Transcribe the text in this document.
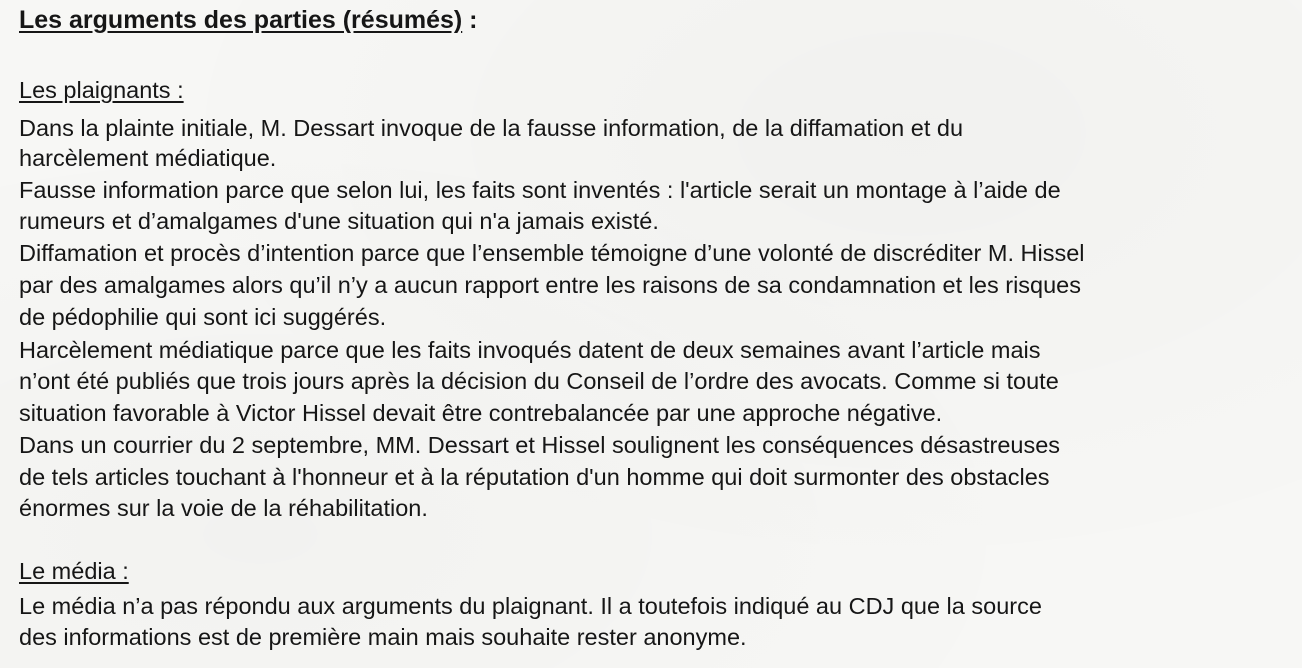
Les arguments des parties (résumés) :
Les plaignants :
Dans la plainte initiale, M. Dessart invoque de la fausse information, de la diffamation et du
harcèlement médiatique.
Fausse information parce que selon lui, les faits sont inventés : l'article serait un montage à l’aide de
rumeurs et d’amalgames d'une situation qui n'a jamais existé.
Diffamation et procès d’intention parce que l’ensemble témoigne d’une volonté de discréditer M. Hissel
par des amalgames alors qu’il n’y a aucun rapport entre les raisons de sa condamnation et les risques
de pédophilie qui sont ici suggérés.
Harcèlement médiatique parce que les faits invoqués datent de deux semaines avant l’article mais
n’ont été publiés que trois jours après la décision du Conseil de l’ordre des avocats. Comme si toute
situation favorable à Victor Hissel devait être contrebalancée par une approche négative.
Dans un courrier du 2 septembre, MM. Dessart et Hissel soulignent les conséquences désastreuses
de tels articles touchant à l'honneur et à la réputation d'un homme qui doit surmonter des obstacles
énormes sur la voie de la réhabilitation.
Le média :
Le média n’a pas répondu aux arguments du plaignant. Il a toutefois indiqué au CDJ que la source
des informations est de première main mais souhaite rester anonyme.
